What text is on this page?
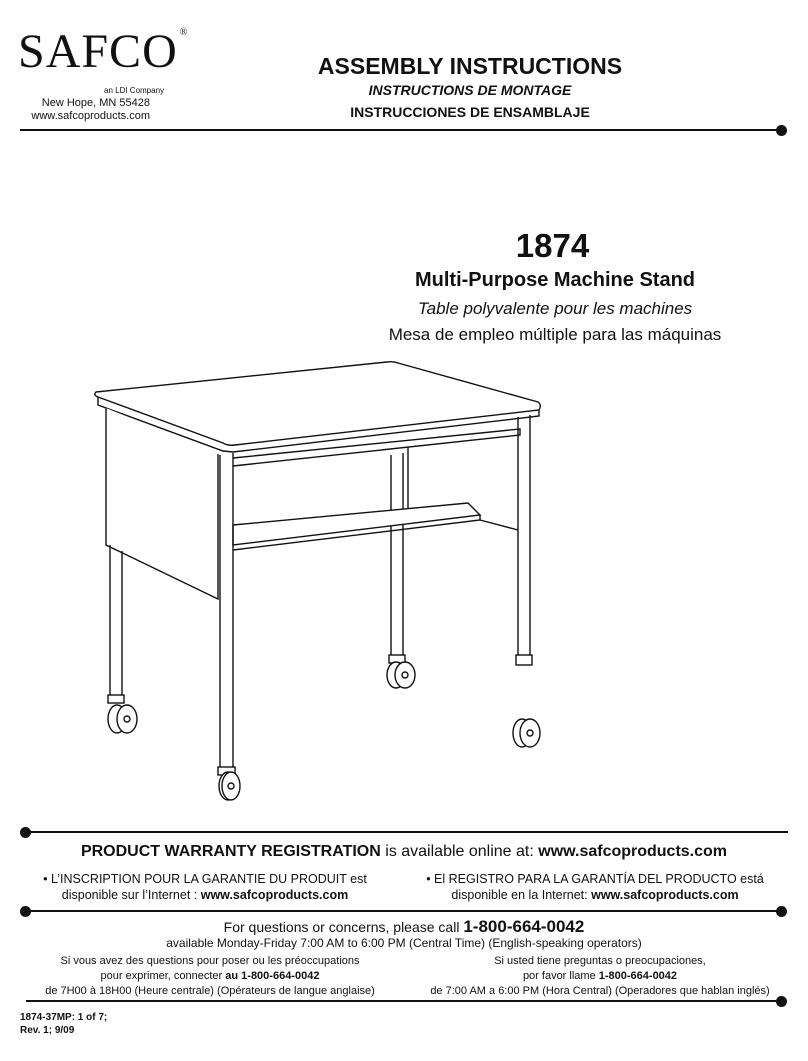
SAFCO ®
an LDI Company
New Hope, MN 55428
www.safcoproducts.com
ASSEMBLY INSTRUCTIONS
INSTRUCTIONS DE MONTAGE
INSTRUCCIONES DE ENSAMBLAJE
1874
Multi-Purpose Machine Stand
Table polyvalente pour les machines
Mesa de empleo múltiple para las máquinas
PRODUCT WARRANTY REGISTRATION is available online at: www.safcoproducts.com
• L’INSCRIPTION POUR LA GARANTIE DU PRODUIT est
disponible sur l’Internet : www.safcoproducts.com
• El REGISTRO PARA LA GARANTÍA DEL PRODUCTO está
disponible en la Internet: www.safcoproducts.com
For questions or concerns, please call 1-800-664-0042
available Monday-Friday 7:00 AM to 6:00 PM (Central Time) (English-speaking operators)
Si vous avez des questions pour poser ou les préoccupations
pour exprimer, connecter au 1-800-664-0042
de 7H00 à 18H00 (Heure centrale) (Opérateurs de langue anglaise)
Si usted tiene preguntas o preocupaciones,
por favor llame 1-800-664-0042
de 7:00 AM a 6:00 PM (Hora Central) (Operadores que hablan inglés)
1874-37MP: 1 of 7;
Rev. 1; 9/09
